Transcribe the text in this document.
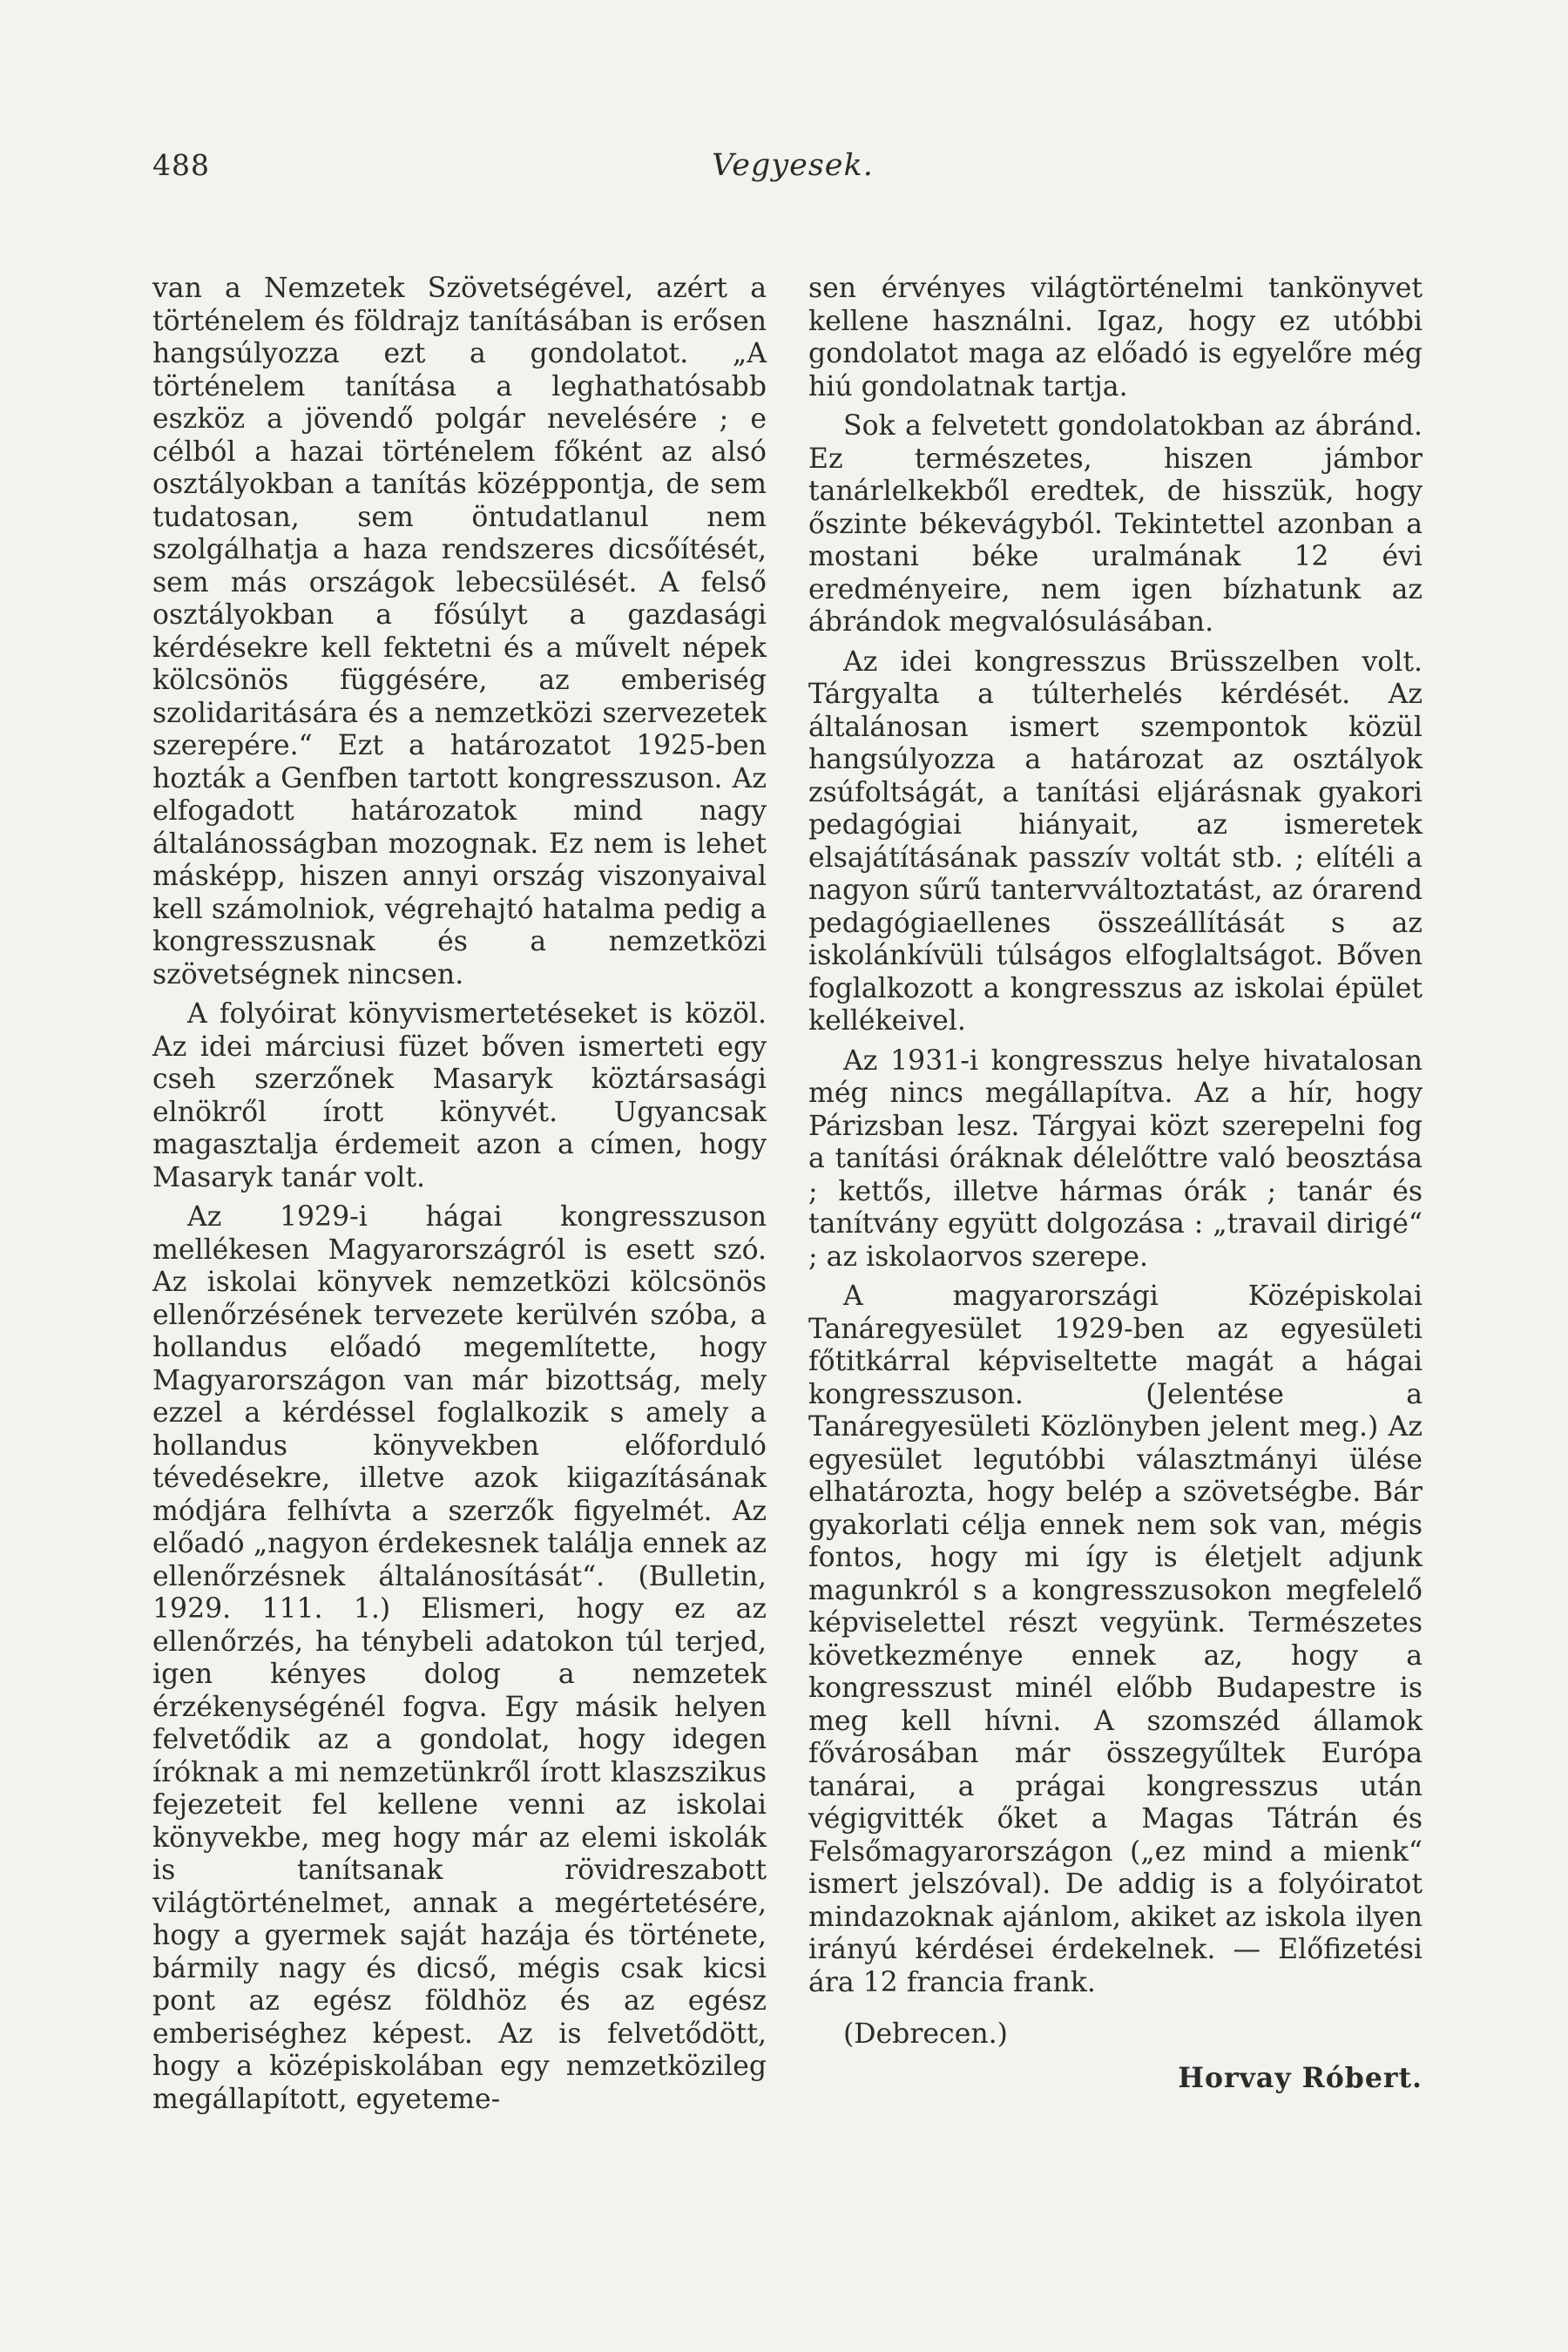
488	Vegyesek.

van a Nemzetek Szövetségével, azért a történelem és földrajz tanításában is erősen hangsúlyozza ezt a gondolatot. „A történelem tanítása a leghathatósabb eszköz a jövendő polgár nevelésére ; e célból a hazai történelem főként az alsó osztályokban a tanítás középpontja, de sem tudatosan, sem öntudatlanul nem szolgálhatja a haza rendszeres dicsőítését, sem más országok lebecsülését. A felső osztályokban a fősúlyt a gazdasági kérdésekre kell fektetni és a művelt népek kölcsönös függésére, az emberiség szolidaritására és a nemzetközi szervezetek szerepére.“ Ezt a határozatot 1925-ben hozták a Genfben tartott kongresszuson. Az elfogadott határozatok mind nagy általánosságban mozognak. Ez nem is lehet másképp, hiszen annyi ország viszonyaival kell számolniok, végrehajtó hatalma pedig a kongresszusnak és a nemzetközi szövetségnek nincsen.

A folyóirat könyvismertetéseket is közöl. Az idei márciusi füzet bőven ismerteti egy cseh szerzőnek Masaryk köztársasági elnökről írott könyvét. Ugyancsak magasztalja érdemeit azon a címen, hogy Masaryk tanár volt.

Az 1929-i hágai kongresszuson mellékesen Magyarországról is esett szó. Az iskolai könyvek nemzetközi kölcsönös ellenőrzésének tervezete kerülvén szóba, a hollandus előadó megemlítette, hogy Magyarországon van már bizottság, mely ezzel a kérdéssel foglalkozik s amely a hollandus könyvekben előforduló tévedésekre, illetve azok kiigazításának módjára felhívta a szerzők figyelmét. Az előadó „nagyon érdekesnek találja ennek az ellenőrzésnek általánosítását“. (Bulletin, 1929. 111. 1.) Elismeri, hogy ez az ellenőrzés, ha ténybeli adatokon túl terjed, igen kényes dolog a nemzetek érzékenységénél fogva. Egy másik helyen felvetődik az a gondolat, hogy idegen íróknak a mi nemzetünkről írott klaszszikus fejezeteit fel kellene venni az iskolai könyvekbe, meg hogy már az elemi iskolák is tanítsanak rövidreszabott világtörténelmet, annak a megértetésére, hogy a gyermek saját hazája és története, bármily nagy és dicső, mégis csak kicsi pont az egész földhöz és az egész emberiséghez képest. Az is felvetődött, hogy a középiskolában egy nemzetközileg megállapított, egyeteme-

sen érvényes világtörténelmi tankönyvet kellene használni. Igaz, hogy ez utóbbi gondolatot maga az előadó is egyelőre még hiú gondolatnak tartja.

Sok a felvetett gondolatokban az ábránd. Ez természetes, hiszen jámbor tanárlelkekből eredtek, de hisszük, hogy őszinte békevágyból. Tekintettel azonban a mostani béke uralmának 12 évi eredményeire, nem igen bízhatunk az ábrándok megvalósulásában.

Az idei kongresszus Brüsszelben volt. Tárgyalta a túlterhelés kérdését. Az általánosan ismert szempontok közül hangsúlyozza a határozat az osztályok zsúfoltságát, a tanítási eljárásnak gyakori pedagógiai hiányait, az ismeretek elsajátításának passzív voltát stb. ; elítéli a nagyon sűrű tantervváltoztatást, az órarend pedagógiaellenes összeállítását s az iskolánkívüli túlságos elfoglaltságot. Bőven foglalkozott a kongresszus az iskolai épület kellékeivel.

Az 1931-i kongresszus helye hivatalosan még nincs megállapítva. Az a hír, hogy Párizsban lesz. Tárgyai közt szerepelni fog a tanítási óráknak délelőttre való beosztása ; kettős, illetve hármas órák ; tanár és tanítvány együtt dolgozása : „travail dirigé“ ; az iskolaorvos szerepe.

A magyarországi Középiskolai Tanáregyesület 1929-ben az egyesületi főtitkárral képviseltette magát a hágai kongresszuson. (Jelentése a Tanáregyesületi Közlönyben jelent meg.) Az egyesület legutóbbi választmányi ülése elhatározta, hogy belép a szövetségbe. Bár gyakorlati célja ennek nem sok van, mégis fontos, hogy mi így is életjelt adjunk magunkról s a kongresszusokon megfelelő képviselettel részt vegyünk. Természetes következménye ennek az, hogy a kongresszust minél előbb Budapestre is meg kell hívni. A szomszéd államok fővárosában már összegyűltek Európa tanárai, a prágai kongresszus után végigvitték őket a Magas Tátrán és Felsőmagyarországon („ez mind a mienk“ ismert jelszóval). De addig is a folyóiratot mindazoknak ajánlom, akiket az iskola ilyen irányú kérdései érdekelnek. — Előfizetési ára 12 francia frank.

(Debrecen.)
Horvay Róbert.
